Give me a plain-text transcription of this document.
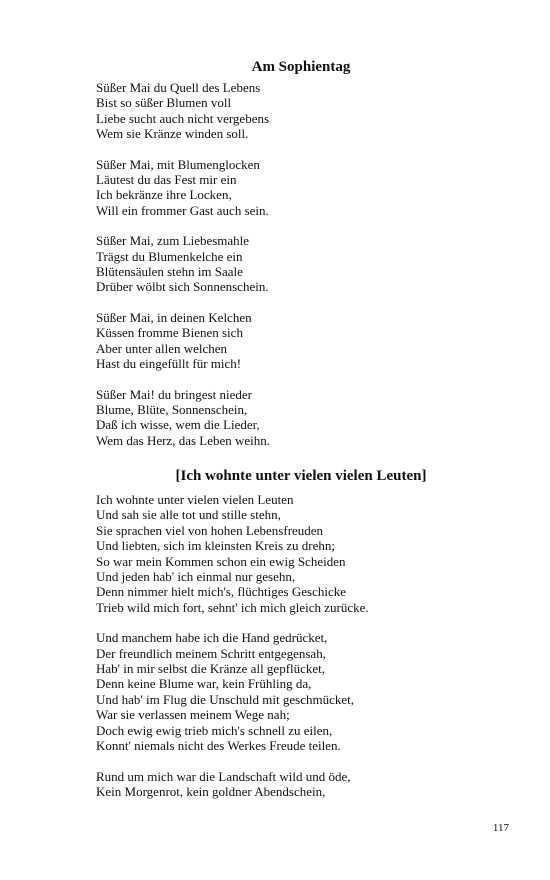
Am Sophientag
Süßer Mai du Quell des Lebens
Bist so süßer Blumen voll
Liebe sucht auch nicht vergebens
Wem sie Kränze winden soll.
Süßer Mai, mit Blumenglocken
Läutest du das Fest mir ein
Ich bekränze ihre Locken,
Will ein frommer Gast auch sein.
Süßer Mai, zum Liebesmahle
Trägst du Blumenkelche ein
Blütensäulen stehn im Saale
Drüber wölbt sich Sonnenschein.
Süßer Mai, in deinen Kelchen
Küssen fromme Bienen sich
Aber unter allen welchen
Hast du eingefüllt für mich!
Süßer Mai! du bringest nieder
Blume, Blüte, Sonnenschein,
Daß ich wisse, wem die Lieder,
Wem das Herz, das Leben weihn.
[Ich wohnte unter vielen vielen Leuten]
Ich wohnte unter vielen vielen Leuten
Und sah sie alle tot und stille stehn,
Sie sprachen viel von hohen Lebensfreuden
Und liebten, sich im kleinsten Kreis zu drehn;
So war mein Kommen schon ein ewig Scheiden
Und jeden hab' ich einmal nur gesehn,
Denn nimmer hielt mich's, flüchtiges Geschicke
Trieb wild mich fort, sehnt' ich mich gleich zurücke.
Und manchem habe ich die Hand gedrücket,
Der freundlich meinem Schritt entgegensah,
Hab' in mir selbst die Kränze all gepflücket,
Denn keine Blume war, kein Frühling da,
Und hab' im Flug die Unschuld mit geschmücket,
War sie verlassen meinem Wege nah;
Doch ewig ewig trieb mich's schnell zu eilen,
Konnt' niemals nicht des Werkes Freude teilen.
Rund um mich war die Landschaft wild und öde,
Kein Morgenrot, kein goldner Abendschein,
117
